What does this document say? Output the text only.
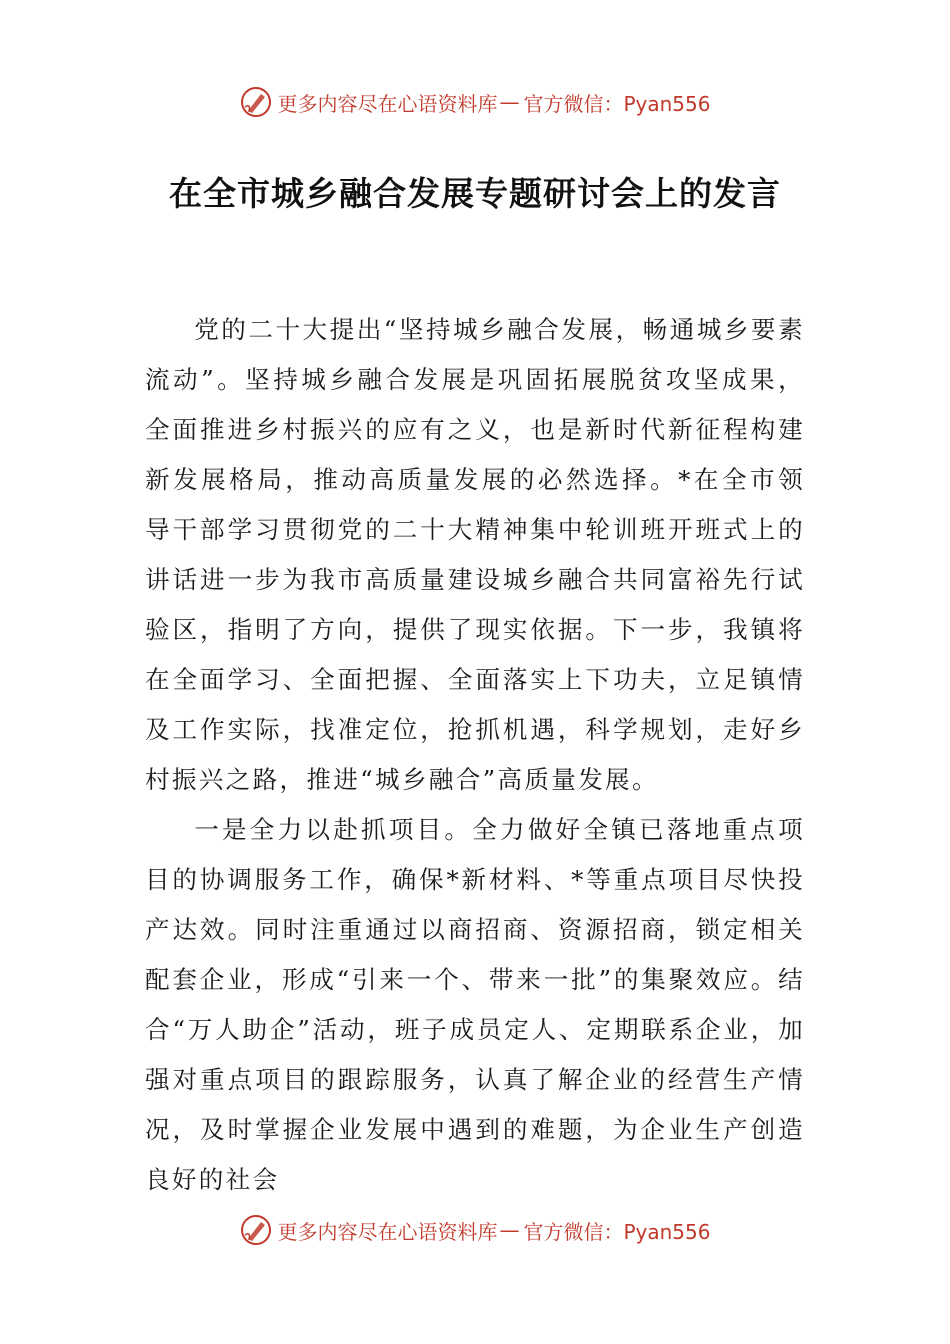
更多内容尽在心语资料库 — 官方微信：Pyan556
在全市城乡融合发展专题研讨会上的发言

党的二十大提出“坚持城乡融合发展，畅通城乡要素流动”。坚持城乡融合发展是巩固拓展脱贫攻坚成果，全面推进乡村振兴的应有之义，也是新时代新征程构建新发展格局，推动高质量发展的必然选择。*在全市领导干部学习贯彻党的二十大精神集中轮训班开班式上的讲话进一步为我市高质量建设城乡融合共同富裕先行试验区，指明了方向，提供了现实依据。下一步，我镇将在全面学习、全面把握、全面落实上下功夫，立足镇情及工作实际，找准定位，抢抓机遇，科学规划，走好乡村振兴之路，推进“城乡融合”高质量发展。

一是全力以赴抓项目。全力做好全镇已落地重点项目的协调服务工作，确保*新材料、*等重点项目尽快投产达效。同时注重通过以商招商、资源招商，锁定相关配套企业，形成“引来一个、带来一批”的集聚效应。结合“万人助企”活动，班子成员定人、定期联系企业，加强对重点项目的跟踪服务，认真了解企业的经营生产情况，及时掌握企业发展中遇到的难题，为企业生产创造良好的社会

更多内容尽在心语资料库 — 官方微信：Pyan556
